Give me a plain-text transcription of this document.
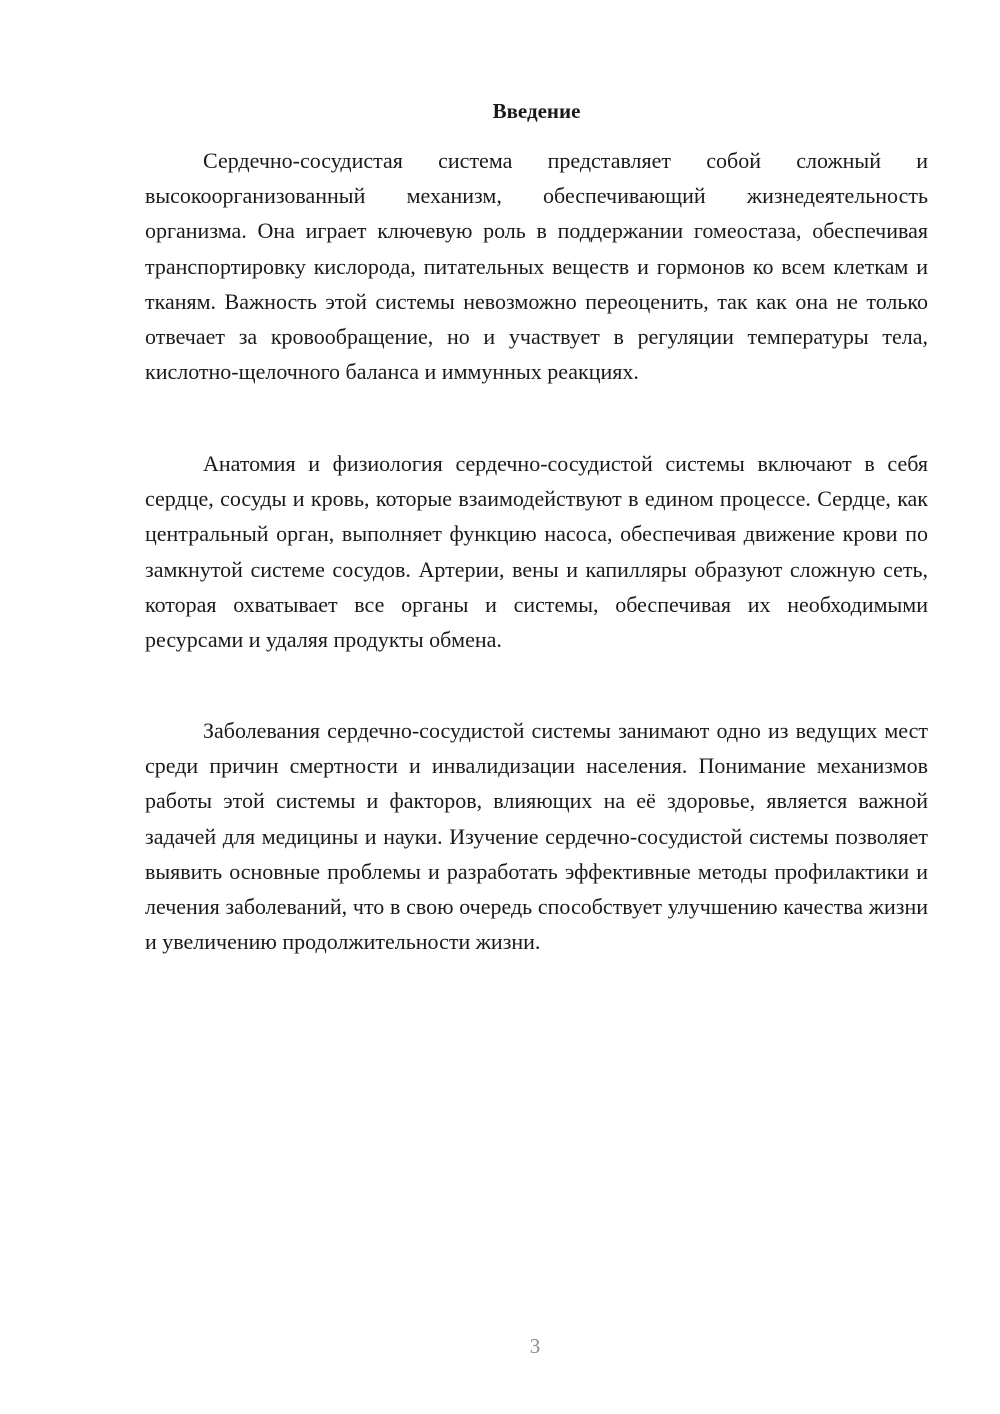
Введение

Сердечно-сосудистая система представляет собой сложный и высокоорганизованный механизм, обеспечивающий жизнедеятельность организма. Она играет ключевую роль в поддержании гомеостаза, обеспечивая транспортировку кислорода, питательных веществ и гормонов ко всем клеткам и тканям. Важность этой системы невозможно переоценить, так как она не только отвечает за кровообращение, но и участвует в регуляции температуры тела, кислотно-щелочного баланса и иммунных реакциях.

Анатомия и физиология сердечно-сосудистой системы включают в себя сердце, сосуды и кровь, которые взаимодействуют в едином процессе. Сердце, как центральный орган, выполняет функцию насоса, обеспечивая движение крови по замкнутой системе сосудов. Артерии, вены и капилляры образуют сложную сеть, которая охватывает все органы и системы, обеспечивая их необходимыми ресурсами и удаляя продукты обмена.

Заболевания сердечно-сосудистой системы занимают одно из ведущих мест среди причин смертности и инвалидизации населения. Понимание механизмов работы этой системы и факторов, влияющих на её здоровье, является важной задачей для медицины и науки. Изучение сердечно-сосудистой системы позволяет выявить основные проблемы и разработать эффективные методы профилактики и лечения заболеваний, что в свою очередь способствует улучшению качества жизни и увеличению продолжительности жизни.

3
